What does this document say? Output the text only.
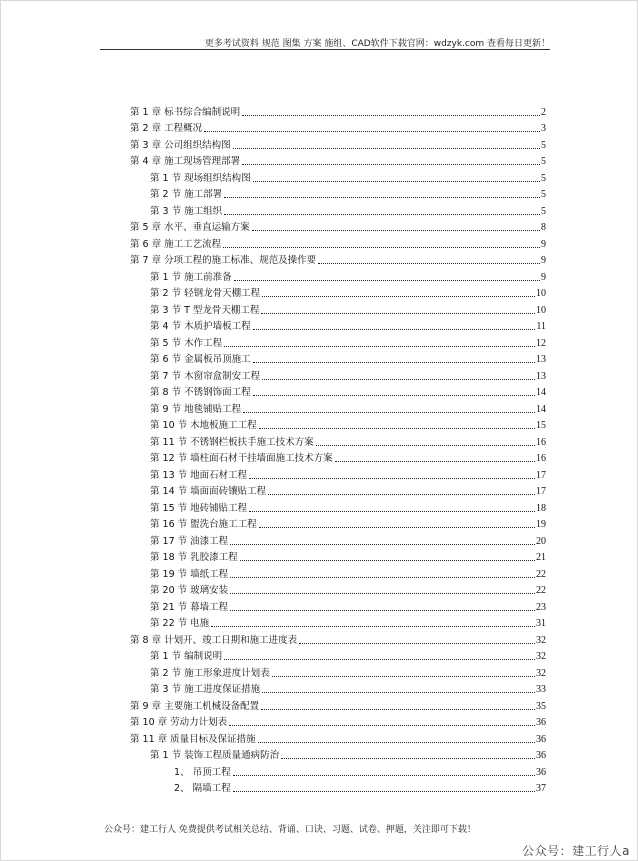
更多考试资料 规范 图集 方案 施组、CAD软件下载官网：wdzyk.com 查看每日更新！
第 1 章 标书综合编制说明	2
第 2 章 工程概况	3
第 3 章 公司组织结构图	5
第 4 章 施工现场管理部署	5
第 1 节 现场组织结构图	5
第 2 节 施工部署	5
第 3 节 施工组织	5
第 5 章 水平、垂直运输方案	8
第 6 章 施工工艺流程	9
第 7 章 分项工程的施工标准、规范及操作要	9
第 1 节 施工前准备	9
第 2 节 轻钢龙骨天棚工程	10
第 3 节 T 型龙骨天棚工程	10
第 4 节 木质护墙板工程	11
第 5 节 木作工程	12
第 6 节 金属板吊顶施工	13
第 7 节 木窗帘盒制安工程	13
第 8 节 不锈钢饰面工程	14
第 9 节 地毯铺贴工程	14
第 10 节 木地板施工工程	15
第 11 节 不锈钢栏板扶手施工技术方案	16
第 12 节 墙柱面石材干挂墙面施工技术方案	16
第 13 节 地面石材工程	17
第 14 节 墙面面砖镶贴工程	17
第 15 节 地砖铺贴工程	18
第 16 节 盥洗台施工工程	19
第 17 节 油漆工程	20
第 18 节 乳胶漆工程	21
第 19 节 墙纸工程	22
第 20 节 玻璃安装	22
第 21 节 幕墙工程	23
第 22 节 电施	31
第 8 章 计划开、竣工日期和施工进度表	32
第 1 节 编制说明	32
第 2 节 施工形象进度计划表	32
第 3 节 施工进度保证措施	33
第 9 章 主要施工机械设备配置	35
第 10 章 劳动力计划表	36
第 11 章 质量目标及保证措施	36
第 1 节 装饰工程质量通病防治	36
1、 吊顶工程	36
2、 隔墙工程	37
公众号：建工行人 免费提供考试相关总结、背诵、口诀、习题、试卷、押题，关注即可下载！
公众号：建工行人a
